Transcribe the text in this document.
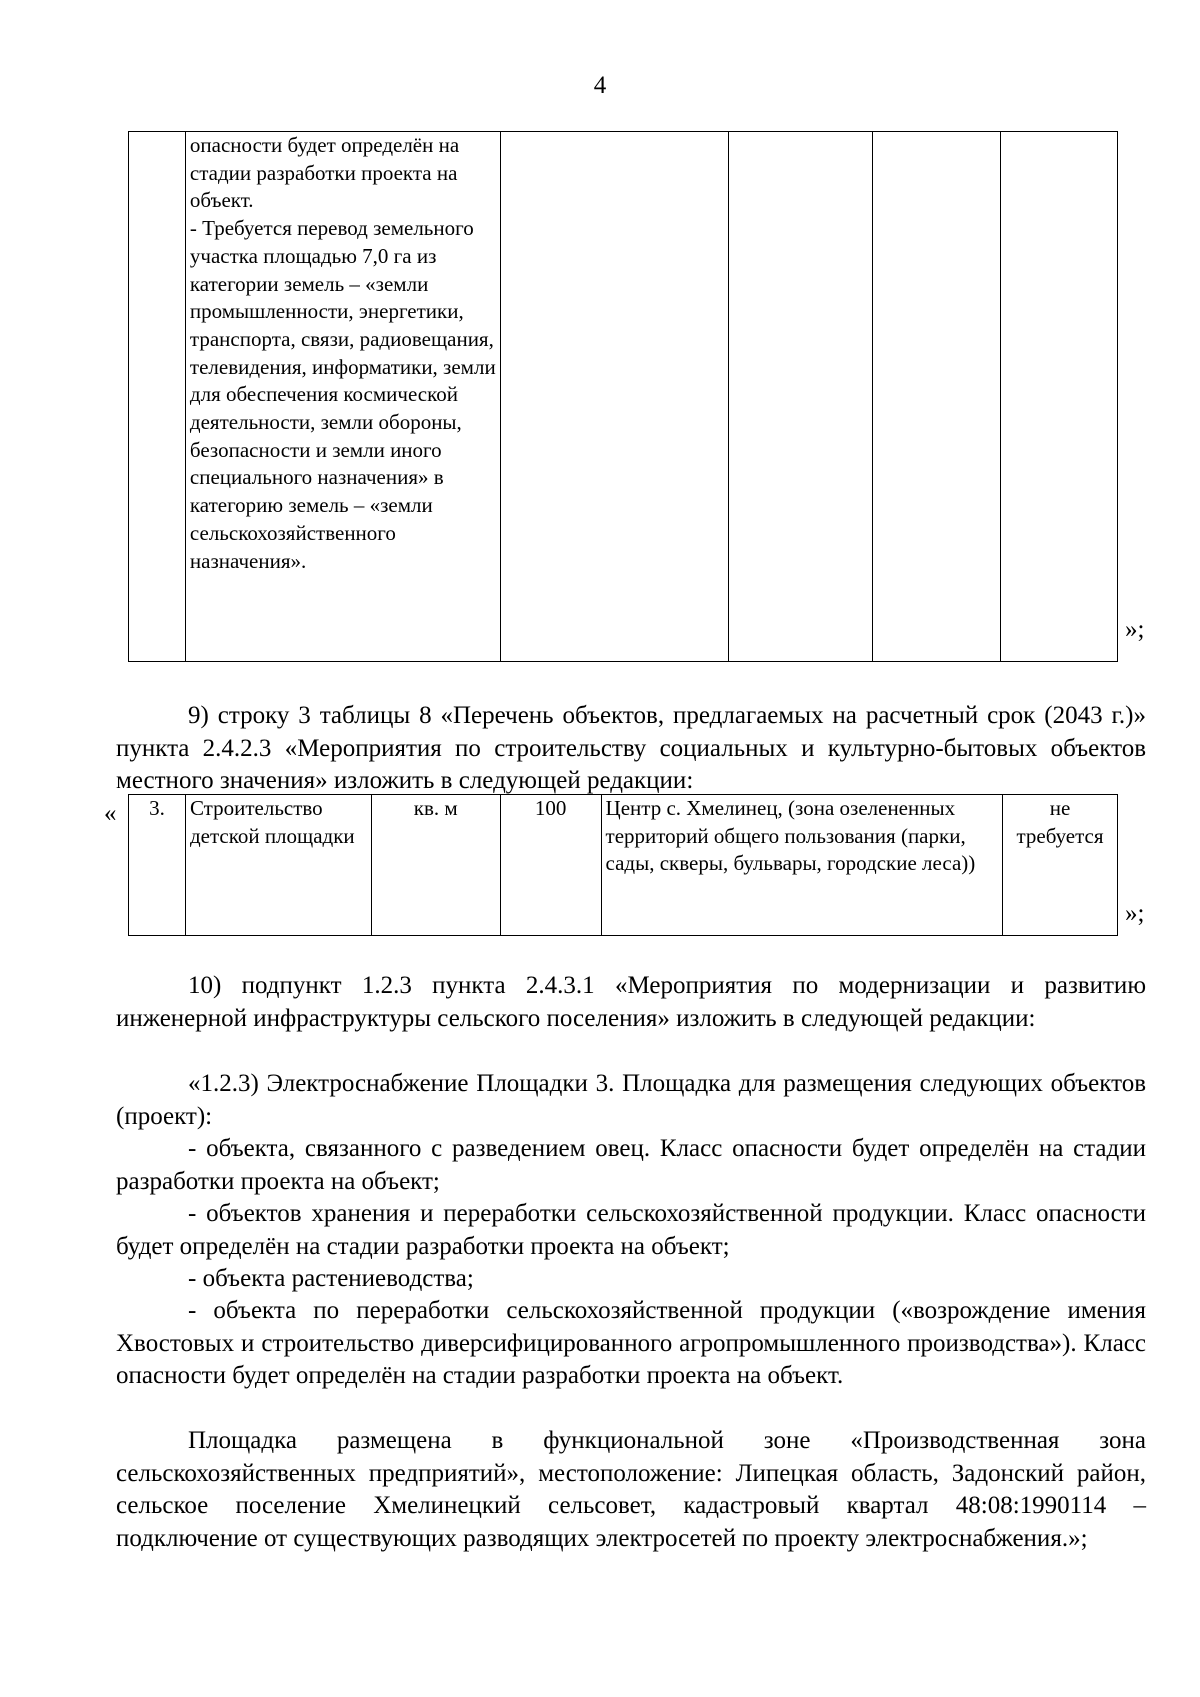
4
	опасности будет определён на стадии разработки проекта на объект.
- Требуется перевод земельного участка площадью 7,0 га из категории земель – «земли промышленности, энергетики, транспорта, связи, радиовещания, телевидения, информатики, земли для обеспечения космической деятельности, земли обороны, безопасности и земли иного специального назначения» в категорию земель – «земли сельскохозяйственного назначения».				
»;

9) строку 3 таблицы 8 «Перечень объектов, предлагаемых на расчетный срок (2043 г.)» пункта 2.4.2.3 «Мероприятия по строительству социальных и культурно-бытовых объектов местного значения» изложить в следующей редакции:

« 3.	Строительство детской площадки	кв. м	100	Центр с. Хмелинец, (зона озелененных территорий общего пользования (парки, сады, скверы, бульвары, городские леса))	не требуется
»;

10) подпункт 1.2.3 пункта 2.4.3.1 «Мероприятия по модернизации и развитию инженерной инфраструктуры сельского поселения» изложить в следующей редакции:

«1.2.3) Электроснабжение Площадки 3. Площадка для размещения следующих объектов (проект):

- объекта, связанного с разведением овец. Класс опасности будет определён на стадии разработки проекта на объект;

- объектов хранения и переработки сельскохозяйственной продукции. Класс опасности будет определён на стадии разработки проекта на объект;

- объекта растениеводства;

- объекта по переработки сельскохозяйственной продукции («возрождение имения Хвостовых и строительство диверсифицированного агропромышленного производства»). Класс опасности будет определён на стадии разработки проекта на объект.

Площадка размещена в функциональной зоне «Производственная зона сельскохозяйственных предприятий», местоположение: Липецкая область, Задонский район, сельское поселение Хмелинецкий сельсовет, кадастровый квартал 48:08:1990114 – подключение от существующих разводящих электросетей по проекту электроснабжения.»;
